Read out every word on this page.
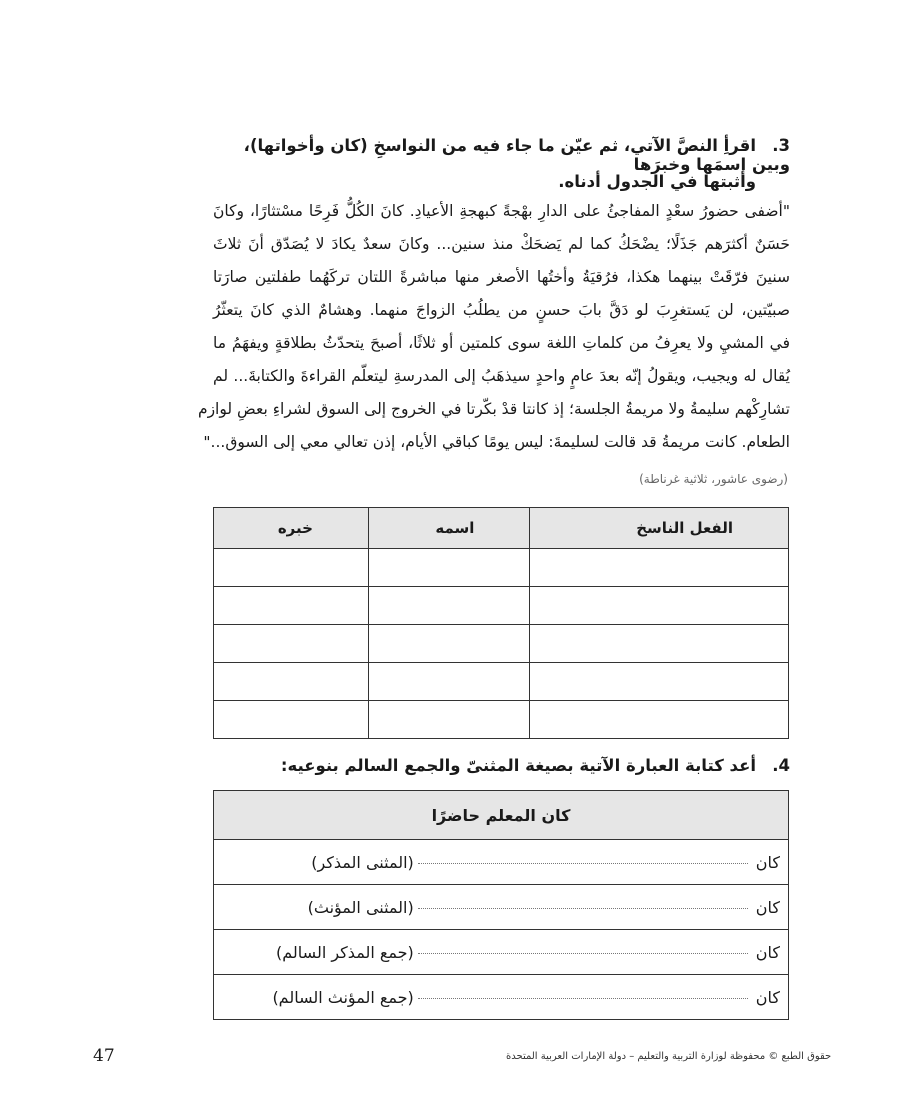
3.اقرأِ النصَّ الآتي، ثم عيّن ما جاء فيه من النواسخِ (كان وأخواتها)، وبين اسمَها وخبرَها
وأثبتها في الجدول أدناه.
"أضفى حضورُ سعْدٍ المفاجئُ على الدارِ بهْجةً كبهجةِ الأعيادِ. كانَ الكُلُّ فَرِحًا مسْتثارًا، وكانَ
حَسَنٌ أكثرَهم جَذَلًا؛ يضْحَكُ كما لم يَضحَكْ منذ سنين... وكانَ سعدٌ يكادَ لا يُصَدّق أنَ ثلاثَ
سنينَ فرّقَتْ بينهما هكذا، فرُقيَةُ وأختُها الأصغر منها مباشرةً اللتان تركَهُما طفلتين صارَتا
صبيّتين، لن يَستغرِبَ لو دَقَّ بابَ حسنٍ من يطلُبُ الزواجَ منهما. وهشامٌ الذي كانَ يتعثّرُ
في المشيِ ولا يعرِفُ من كلماتِ اللغة سوى كلمتين أو ثلاثًا، أصبحَ يتحدّثُ بطلاقةٍ ويفهَمُ ما
يُقال له ويجيب، ويقولُ إنّه بعدَ عامٍ واحدٍ سيذهَبُ إلى المدرسةِ ليتعلّم القراءةَ والكتابةَ... لم
تشارِكْهم سليمةُ ولا مريمةُ الجلسة؛ إذ كانتا قدْ بكّرتا في الخروج إلى السوق لشراءِ بعضِ لوازم
الطعام. كانت مريمةُ قد قالت لسليمةَ: ليس يومًا كباقي الأيام، إذن تعالي معي إلى السوق..."
(رضوى عاشور، ثلاثية غرناطة)
الفعل الناسخ	اسمه	خبره

4.أعد كتابة العبارة الآتية بصيغة المثنىّ والجمع السالم بنوعيه:
كان المعلم حاضرًا

كان
(المثنى المذكر)

كان
(المثنى المؤنث)

كان
(جمع المذكر السالم)

كان
(جمع المؤنث السالم)
حقوق الطبع © محفوظة لوزارة التربية والتعليم – دولة الإمارات العربية المتحدة
47
